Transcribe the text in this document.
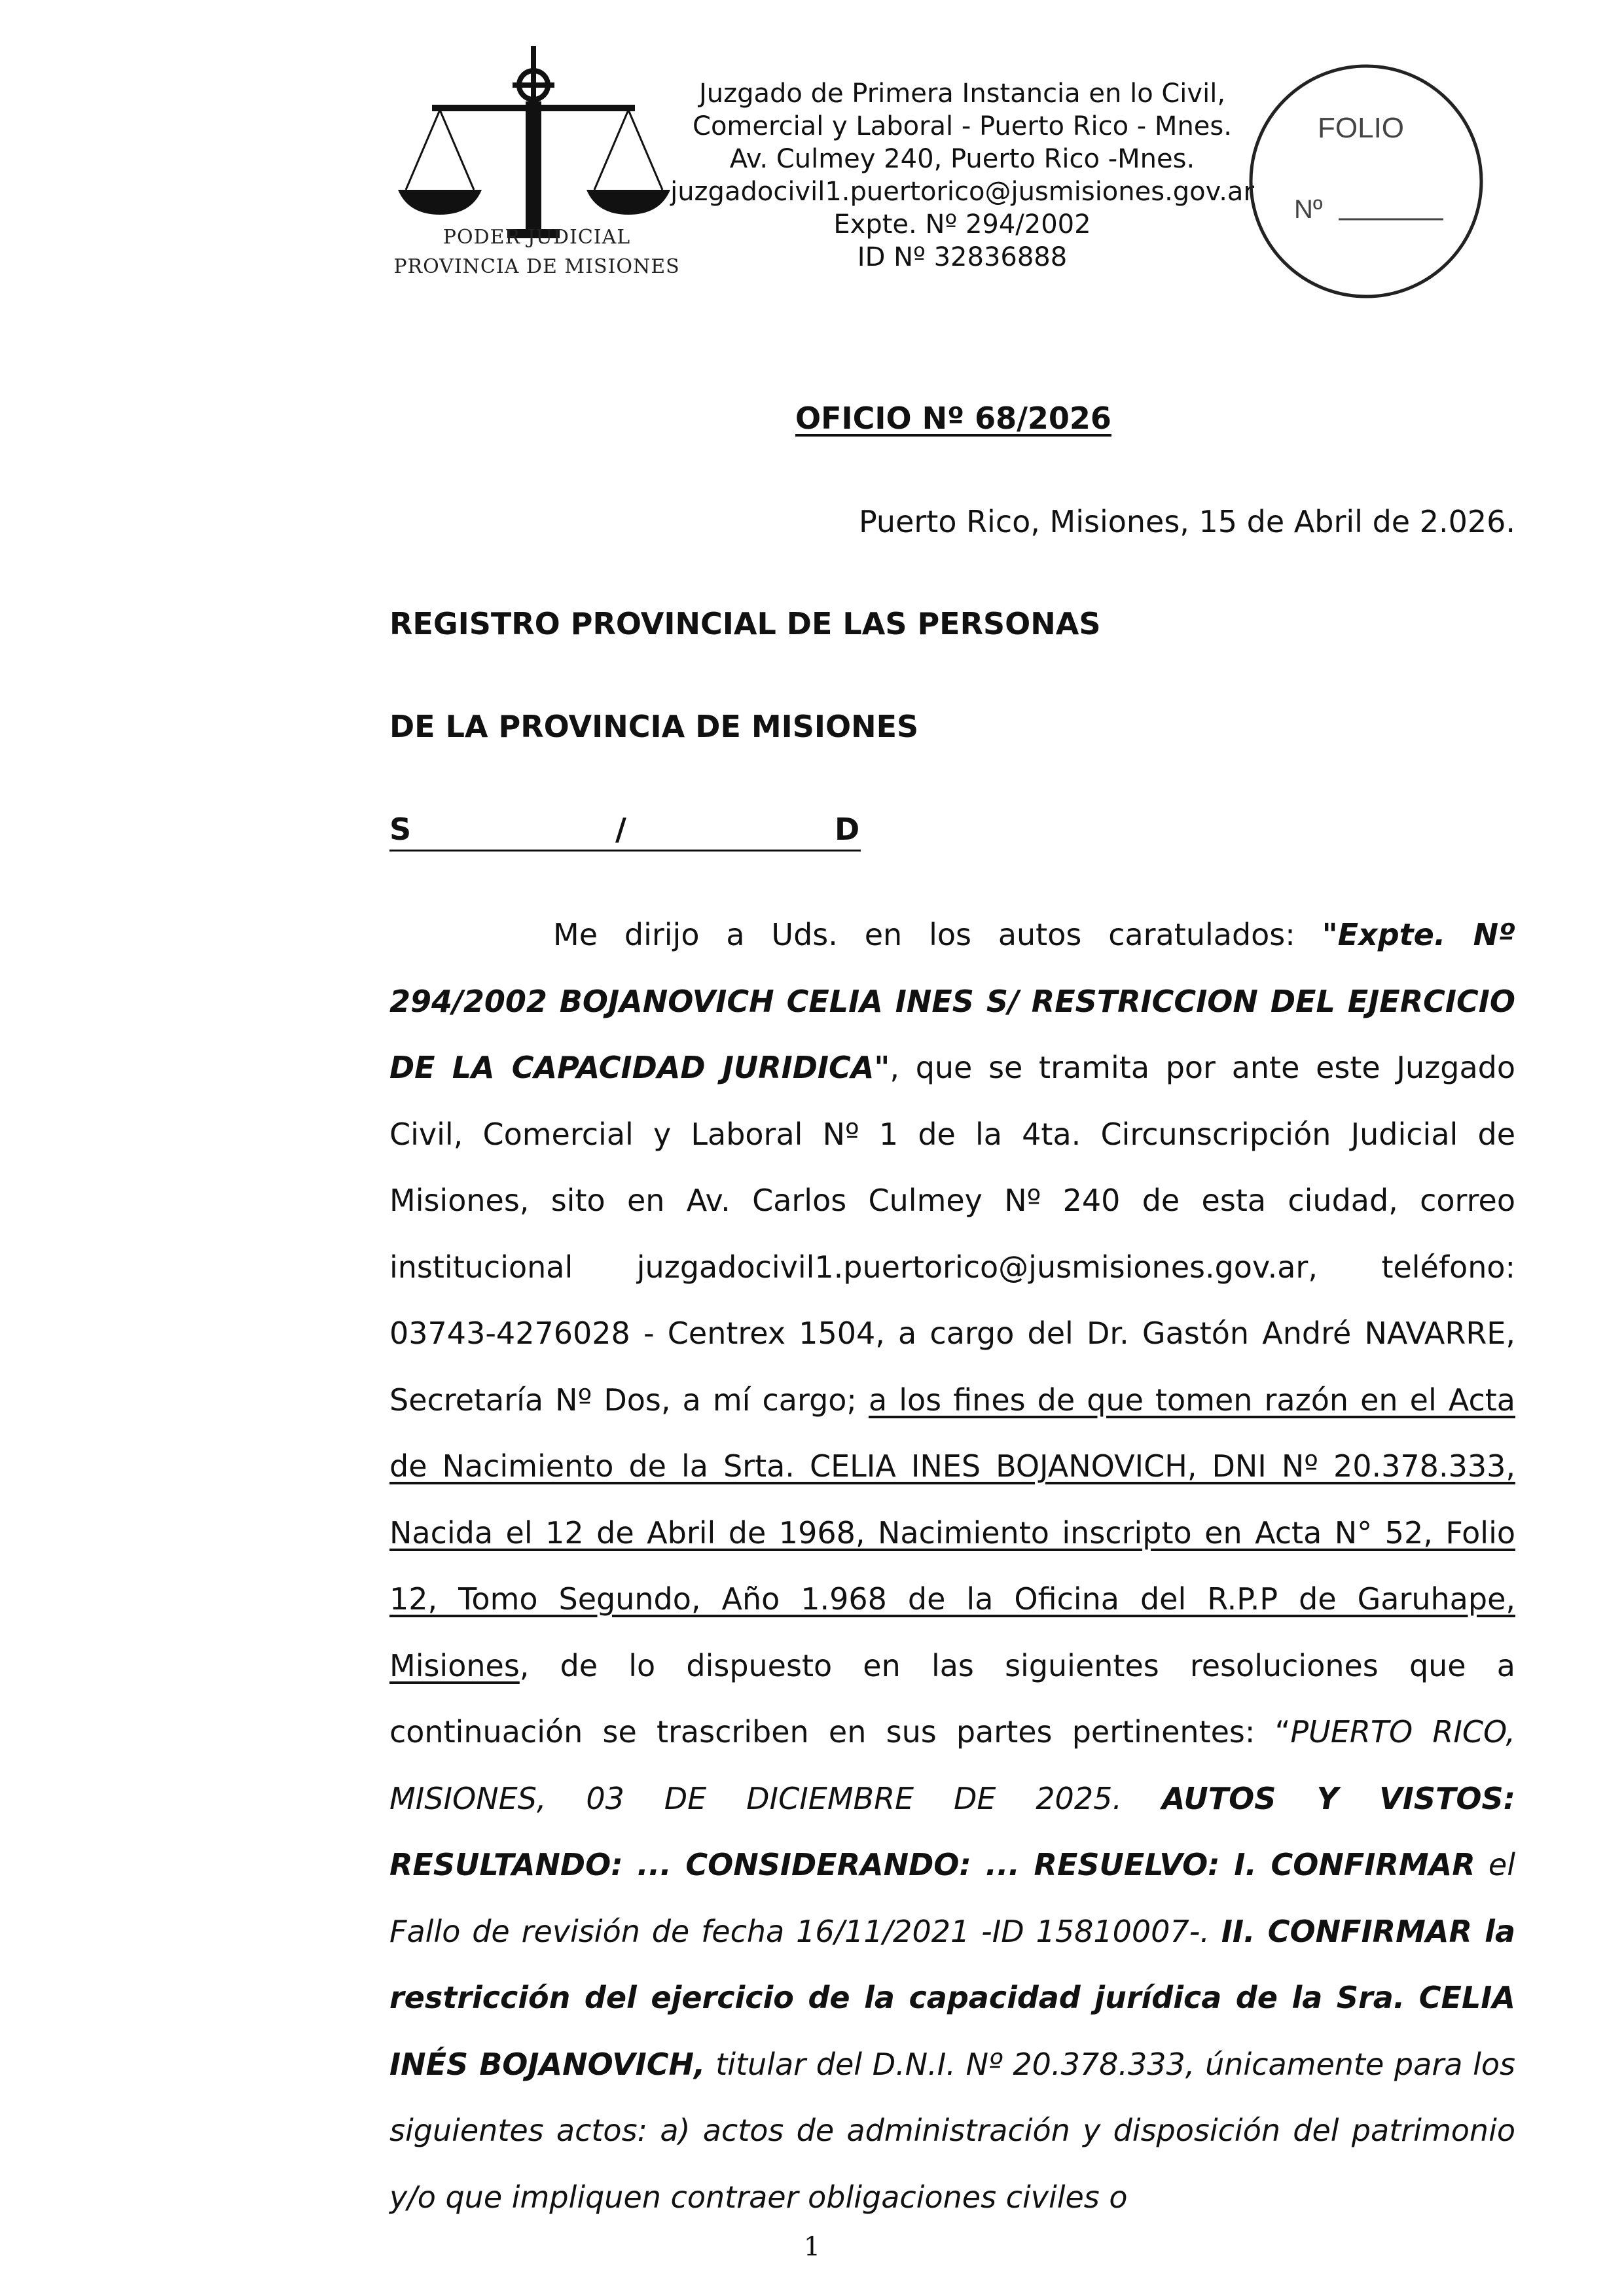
PODER JUDICIAL
PROVINCIA DE MISIONES
Juzgado de Primera Instancia en lo Civil,
Comercial y Laboral - Puerto Rico - Mnes.
Av. Culmey 240, Puerto Rico -Mnes.
juzgadocivil1.puertorico@jusmisiones.gov.ar
Expte. Nº 294/2002
ID Nº 32836888
FOLIO
Nº
OFICIO Nº 68/2026
Puerto Rico, Misiones, 15 de Abril de 2.026.
REGISTRO PROVINCIAL DE LAS PERSONAS
DE LA PROVINCIA DE MISIONES
S	/	D

Me dirijo a Uds. en los autos caratulados: "Expte. Nº 294/2002 BOJANOVICH CELIA INES S/ RESTRICCION DEL EJERCICIO DE LA CAPACIDAD JURIDICA", que se tramita por ante este Juzgado Civil, Comercial y Laboral Nº 1 de la 4ta. Circunscripción Judicial de Misiones, sito en Av. Carlos Culmey Nº 240 de esta ciudad, correo institucional juzgadocivil1.puertorico@jusmisiones.gov.ar, teléfono: 03743-4276028 - Centrex 1504, a cargo del Dr. Gastón André NAVARRE, Secretaría Nº Dos, a mí cargo; a los fines de que tomen razón en el Acta de Nacimiento de la Srta. CELIA INES BOJANOVICH, DNI Nº 20.378.333, Nacida el 12 de Abril de 1968, Nacimiento inscripto en Acta N° 52, Folio 12, Tomo Segundo, Año 1.968 de la Oficina del R.P.P de Garuhape, Misiones, de lo dispuesto en las siguientes resoluciones que a continuación se trascriben en sus partes pertinentes: “PUERTO RICO, MISIONES, 03 DE DICIEMBRE DE 2025. AUTOS Y VISTOS: RESULTANDO: ... CONSIDERANDO: ... RESUELVO: I. CONFIRMAR el Fallo de revisión de fecha 16/11/2021 -ID 15810007-. II. CONFIRMAR la restricción del ejercicio de la capacidad jurídica de la Sra. CELIA INÉS BOJANOVICH, titular del D.N.I. Nº 20.378.333, únicamente para los siguientes actos: a) actos de administración y disposición del patrimonio y/o que impliquen contraer obligaciones civiles o

1
